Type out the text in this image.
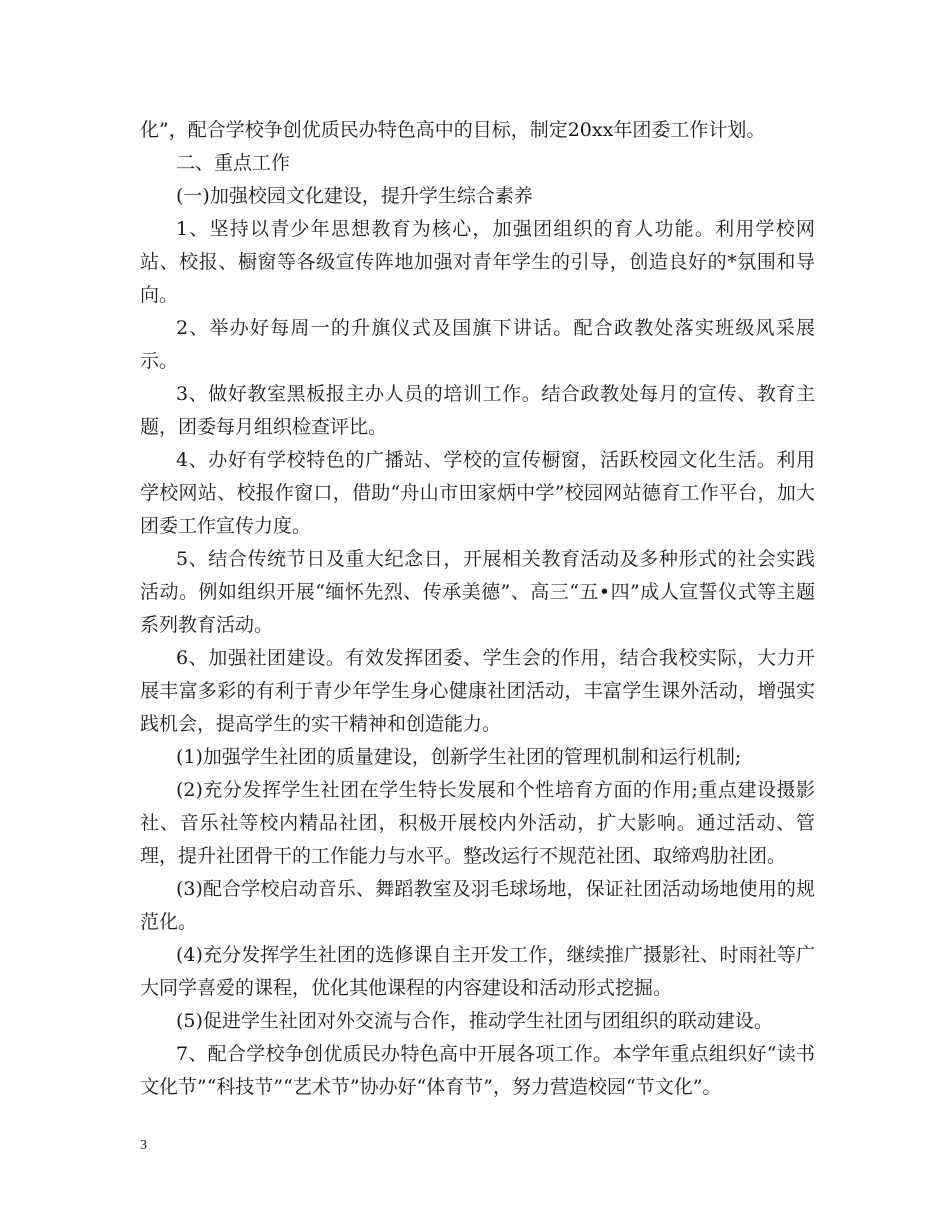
化”，配合学校争创优质民办特色高中的目标，制定20xx年团委工作计划。

二、重点工作

(一)加强校园文化建设，提升学生综合素养

1、坚持以青少年思想教育为核心，加强团组织的育人功能。利用学校网站、校报、橱窗等各级宣传阵地加强对青年学生的引导，创造良好的*氛围和导向。

2、举办好每周一的升旗仪式及国旗下讲话。配合政教处落实班级风采展示。

3、做好教室黑板报主办人员的培训工作。结合政教处每月的宣传、教育主题，团委每月组织检查评比。

4、办好有学校特色的广播站、学校的宣传橱窗，活跃校园文化生活。利用学校网站、校报作窗口，借助“舟山市田家炳中学”校园网站德育工作平台，加大团委工作宣传力度。

5、结合传统节日及重大纪念日，开展相关教育活动及多种形式的社会实践活动。例如组织开展“缅怀先烈、传承美德”、高三“五•四”成人宣誓仪式等主题系列教育活动。

6、加强社团建设。有效发挥团委、学生会的作用，结合我校实际，大力开展丰富多彩的有利于青少年学生身心健康社团活动，丰富学生课外活动，增强实践机会，提高学生的实干精神和创造能力。

(1)加强学生社团的质量建设，创新学生社团的管理机制和运行机制;

(2)充分发挥学生社团在学生特长发展和个性培育方面的作用;重点建设摄影社、音乐社等校内精品社团，积极开展校内外活动，扩大影响。通过活动、管理，提升社团骨干的工作能力与水平。整改运行不规范社团、取缔鸡肋社团。

(3)配合学校启动音乐、舞蹈教室及羽毛球场地，保证社团活动场地使用的规范化。

(4)充分发挥学生社团的选修课自主开发工作，继续推广摄影社、时雨社等广大同学喜爱的课程，优化其他课程的内容建设和活动形式挖掘。

(5)促进学生社团对外交流与合作，推动学生社团与团组织的联动建设。

7、配合学校争创优质民办特色高中开展各项工作。本学年重点组织好“读书文化节”“科技节”“艺术节”协办好“体育节”，努力营造校园“节文化”。

3
